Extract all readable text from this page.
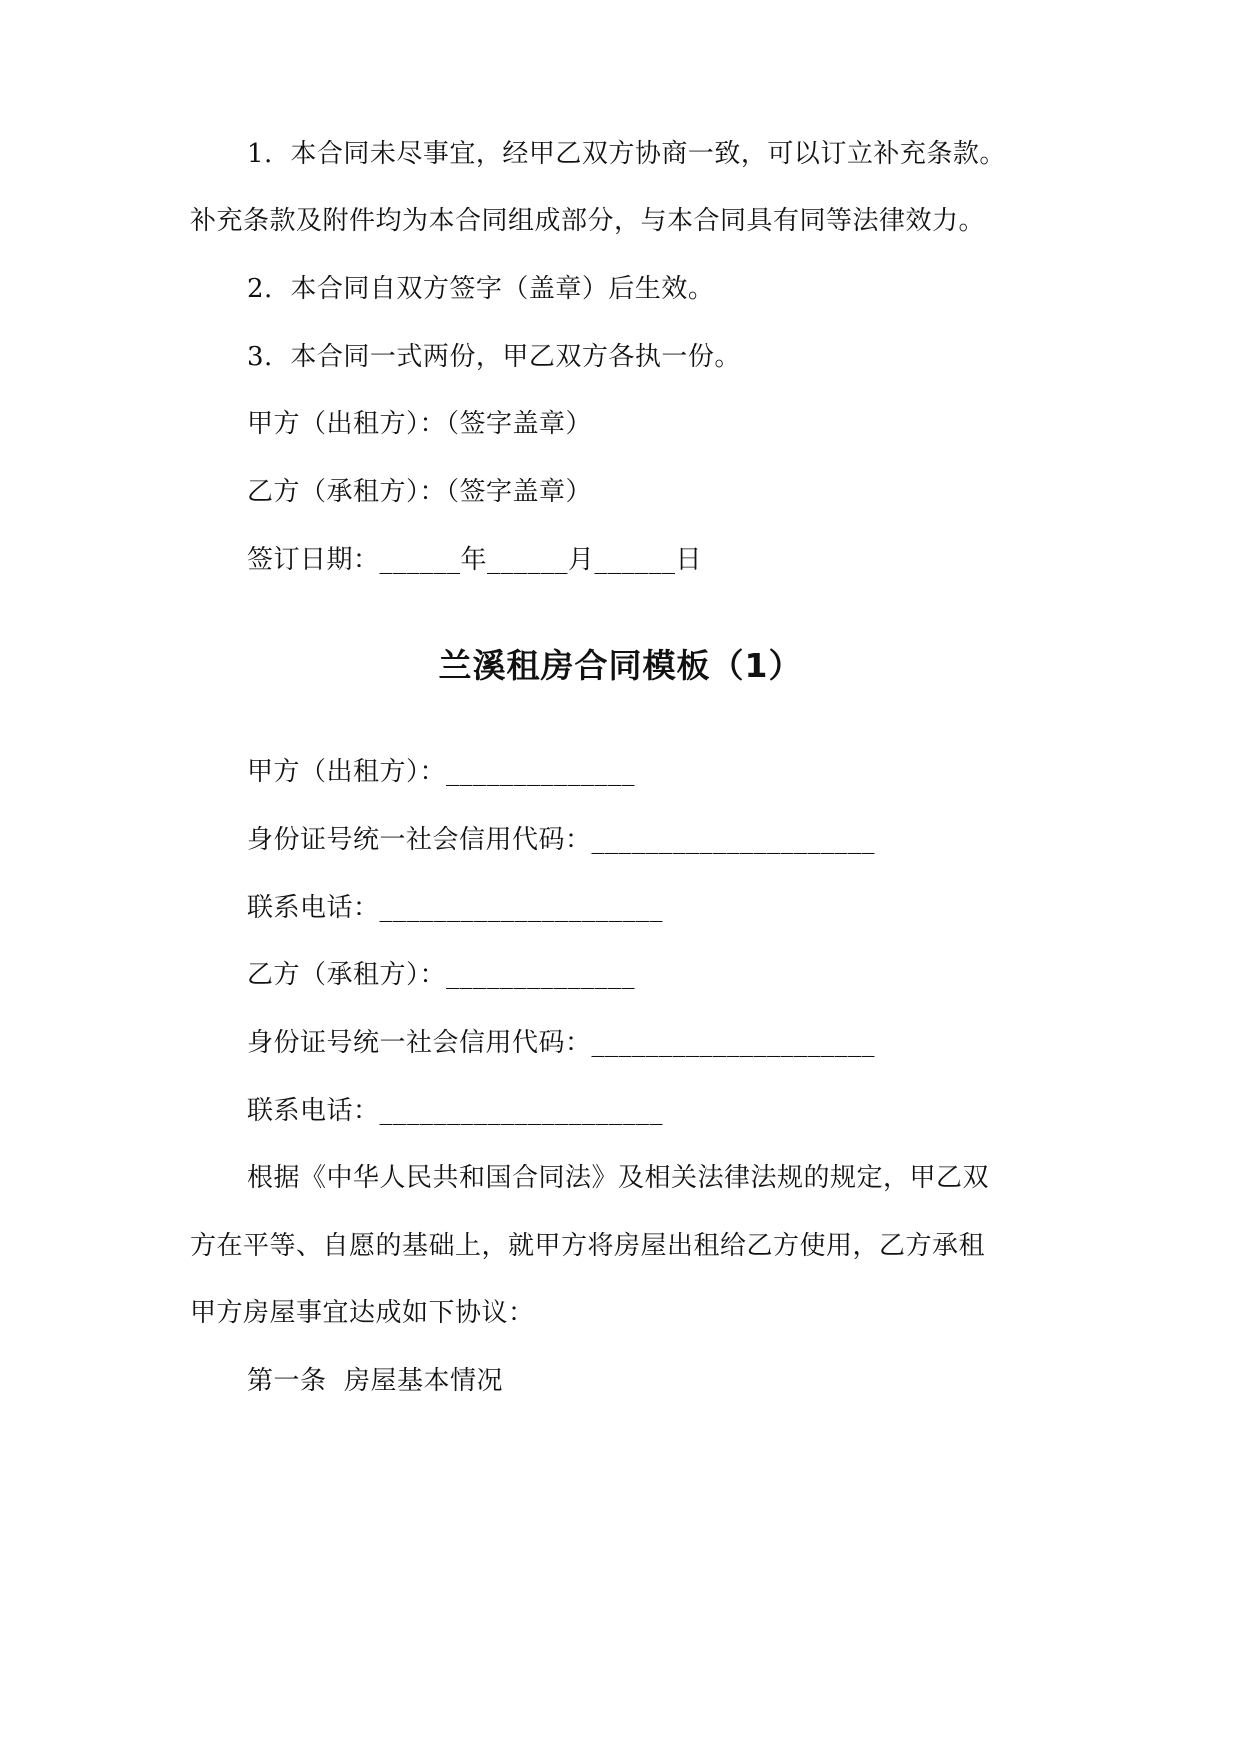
1.  本合同未尽事宜，经甲乙双方协商一致，可以订立补充条款。
补充条款及附件均为本合同组成部分，与本合同具有同等法律效力。
2.  本合同自双方签字（盖章）后生效。
3.  本合同一式两份，甲乙双方各执一份。
甲方（出租方）：（签字盖章）
乙方（承租方）：（签字盖章）
签订日期：______年______月______日
兰溪租房合同模板（1）
甲方（出租方）：______________
身份证号统一社会信用代码：_____________________
联系电话：_____________________
乙方（承租方）：______________
身份证号统一社会信用代码：_____________________
联系电话：_____________________
根据《中华人民共和国合同法》及相关法律法规的规定，甲乙双
方在平等、自愿的基础上，就甲方将房屋出租给乙方使用，乙方承租
甲方房屋事宜达成如下协议：
第一条  房屋基本情况
